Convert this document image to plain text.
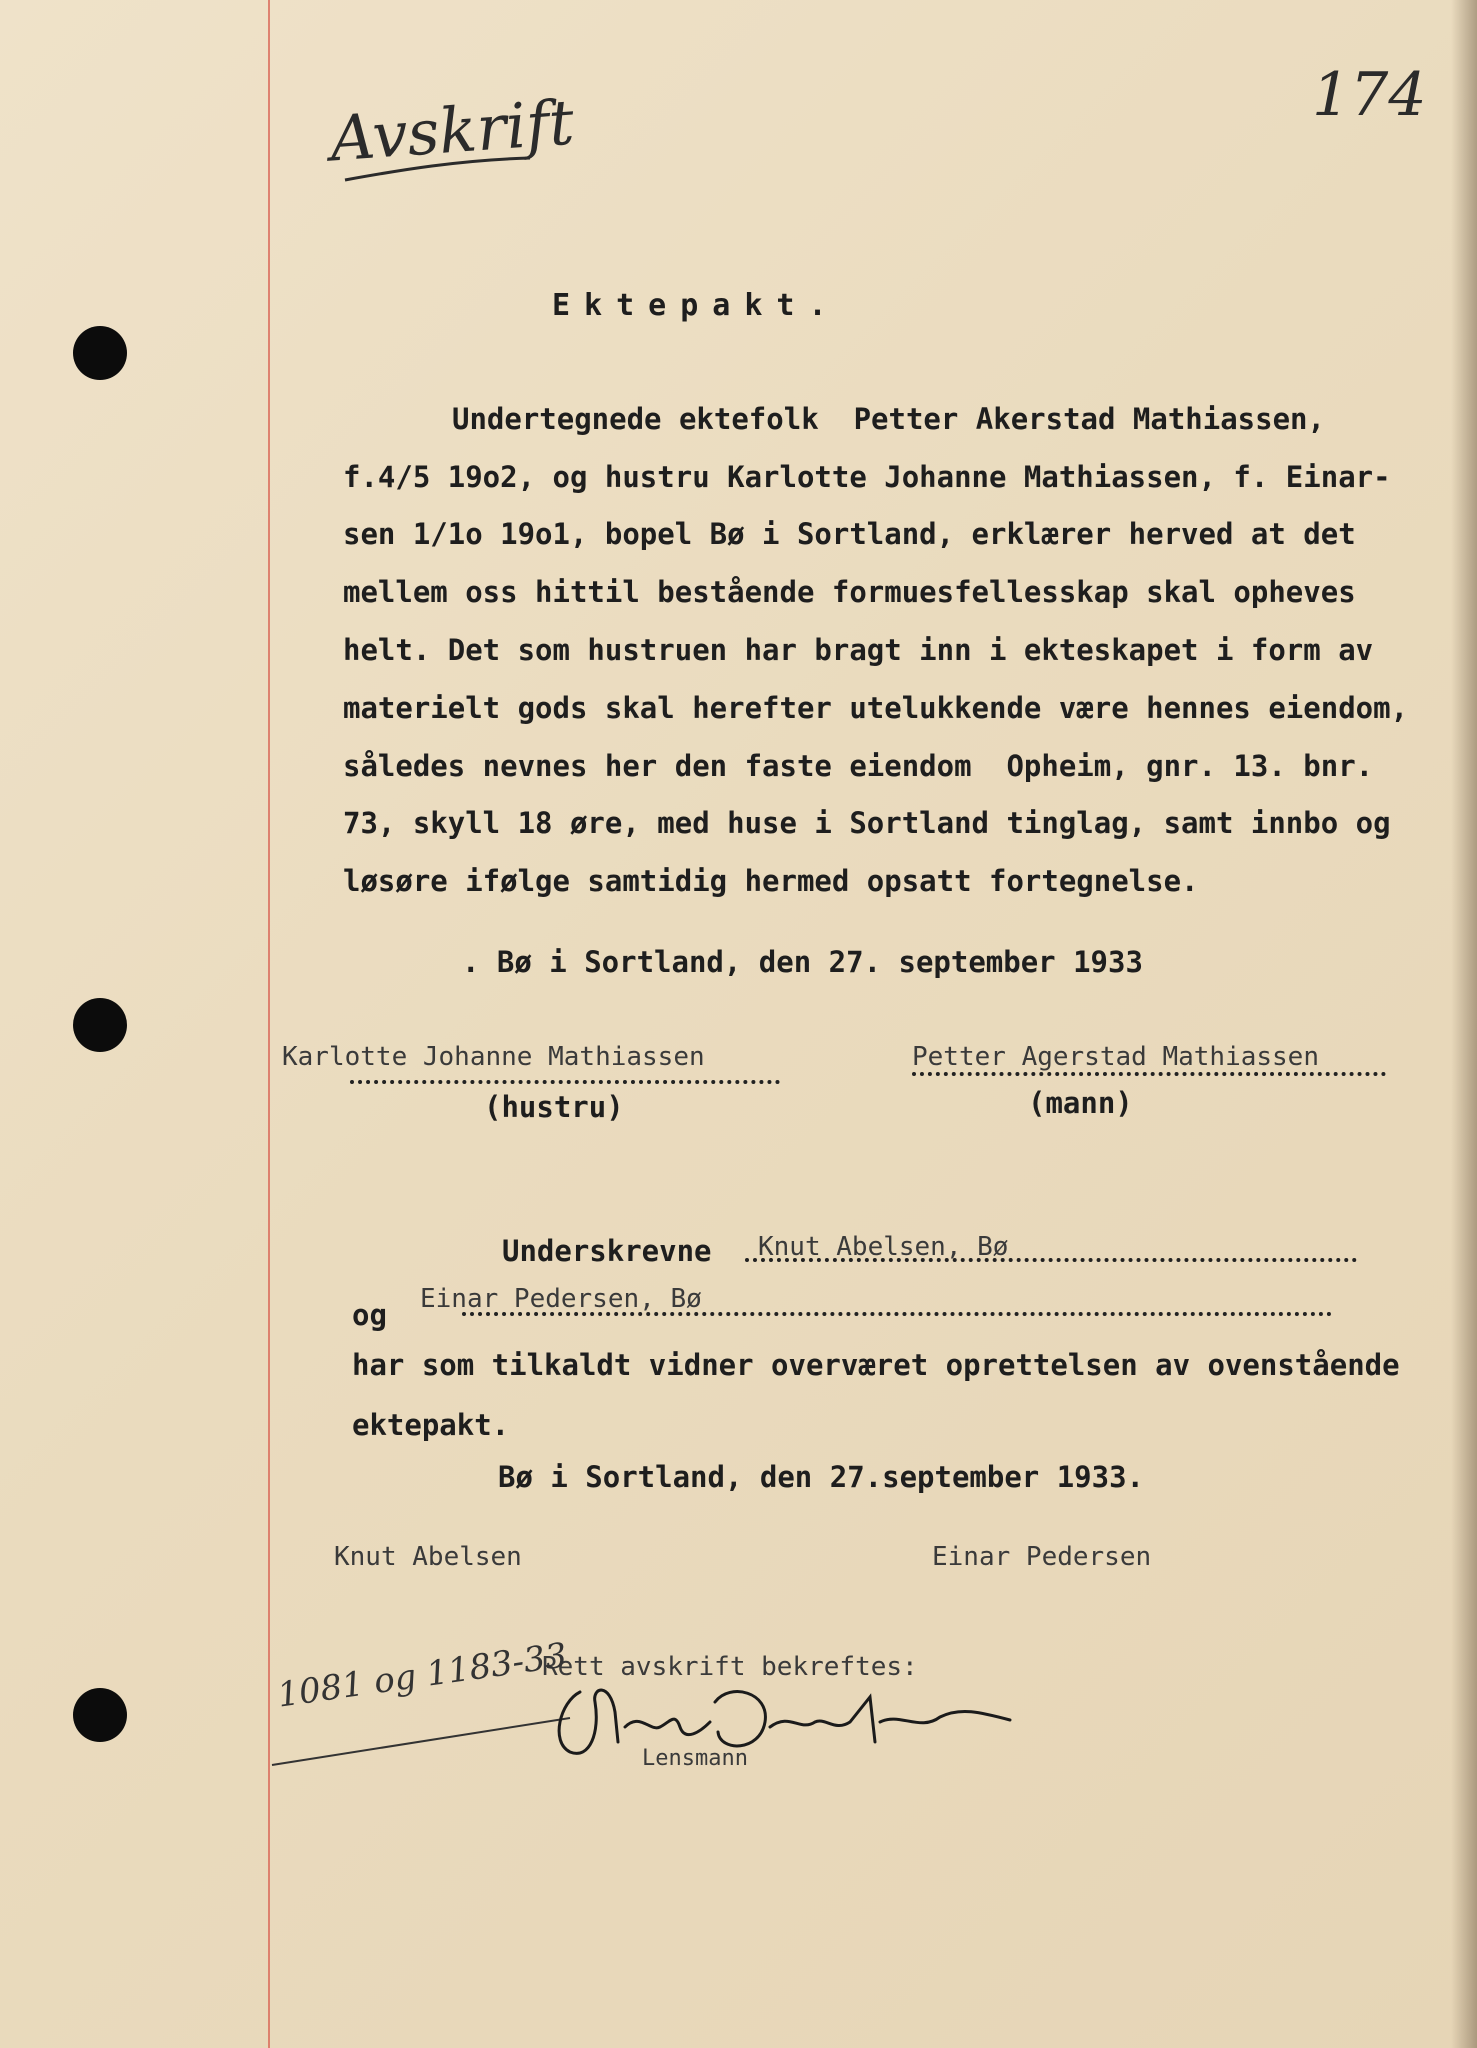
Avskrift	174
Ektepakt.
Undertegnede ektefolk  Petter Akerstad Mathiassen,
f.4/5 19o2, og hustru Karlotte Johanne Mathiassen, f. Einar-
sen 1/1o 19o1, bopel Bø i Sortland, erklærer herved at det
mellem oss hittil bestående formuesfellesskap skal opheves
helt. Det som hustruen har bragt inn i ekteskapet i form av
materielt gods skal herefter utelukkende være hennes eiendom,
således nevnes her den faste eiendom  Opheim, gnr. 13. bnr.
73, skyll 18 øre, med huse i Sortland tinglag, samt innbo og
løsøre ifølge samtidig hermed opsatt fortegnelse.
. Bø i Sortland, den 27. september 1933
Karlotte Johanne Mathiassen
(hustru)
Petter Agerstad Mathiassen
(mann)
Underskrevne Knut Abelsen, Bø
og Einar Pedersen, Bø
har som tilkaldt vidner overværet oprettelsen av ovenstående
ektepakt.
Bø i Sortland, den 27.september 1933.
Knut Abelsen	Einar Pedersen
Rett avskrift bekreftes:
Lensmann
1081 og 1183-33
